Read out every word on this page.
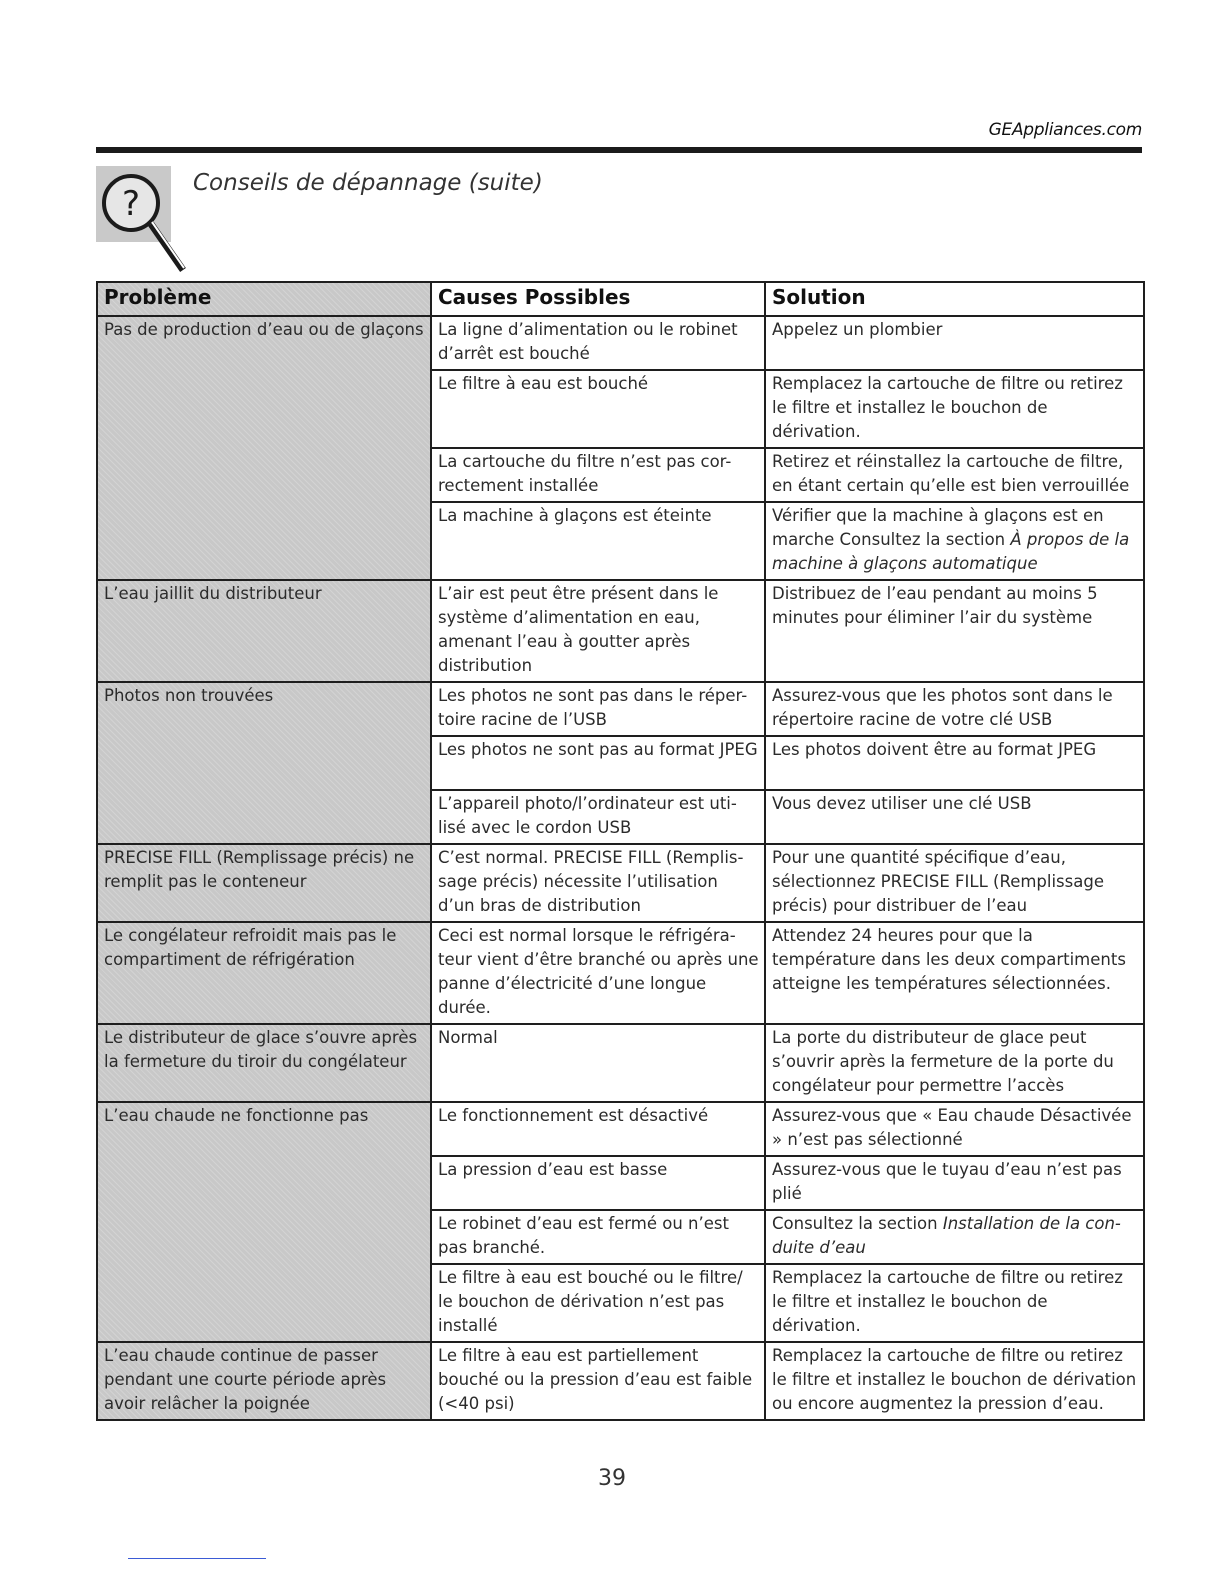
GEAppliances.com
?
Conseils de dépannage (suite)
Problème	Causes Possibles	Solution
Pas de production d’eau ou de glaçons	La ligne d’alimentation ou le robinet d’arrêt est bouché	Appelez un plombier
	Le filtre à eau est bouché	Remplacez la cartouche de filtre ou retirez le filtre et installez le bouchon de dérivation.
	La cartouche du filtre n’est pas cor-rectement installée	Retirez et réinstallez la cartouche de filtre, en étant certain qu’elle est bien verrouillée
	La machine à glaçons est éteinte	Vérifier que la machine à glaçons est en marche Consultez la section À propos de la machine à glaçons automatique
L’eau jaillit du distributeur	L’air est peut être présent dans le système d’alimentation en eau, amenant l’eau à goutter après distribution	Distribuez de l’eau pendant au moins 5 minutes pour éliminer l’air du système
Photos non trouvées	Les photos ne sont pas dans le réper-toire racine de l’USB	Assurez-vous que les photos sont dans le répertoire racine de votre clé USB
	Les photos ne sont pas au format JPEG	Les photos doivent être au format JPEG
	L’appareil photo/l’ordinateur est uti-lisé avec le cordon USB	Vous devez utiliser une clé USB
PRECISE FILL (Remplissage précis) ne remplit pas le conteneur	C’est normal. PRECISE FILL (Remplis-sage précis) nécessite l’utilisation d’un bras de distribution	Pour une quantité spécifique d’eau, sélectionnez PRECISE FILL (Remplissage précis) pour distribuer de l’eau
Le congélateur refroidit mais pas le compartiment de réfrigération	Ceci est normal lorsque le réfrigéra-teur vient d’être branché ou après une panne d’électricité d’une longue durée.	Attendez 24 heures pour que la température dans les deux compartiments atteigne les températures sélectionnées.
Le distributeur de glace s’ouvre après la fermeture du tiroir du congélateur	Normal	La porte du distributeur de glace peut s’ouvrir après la fermeture de la porte du congélateur pour permettre l’accès
L’eau chaude ne fonctionne pas	Le fonctionnement est désactivé	Assurez-vous que « Eau chaude Désactivée » n’est pas sélectionné
	La pression d’eau est basse	Assurez-vous que le tuyau d’eau n’est pas plié
	Le robinet d’eau est fermé ou n’est pas branché.	Consultez la section Installation de la con-duite d’eau
	Le filtre à eau est bouché ou le filtre/ le bouchon de dérivation n’est pas installé	Remplacez la cartouche de filtre ou retirez le filtre et installez le bouchon de dérivation.
L’eau chaude continue de passer pendant une courte période après avoir relâcher la poignée	Le filtre à eau est partiellement bouché ou la pression d’eau est faible (<40 psi)	Remplacez la cartouche de filtre ou retirez le filtre et installez le bouchon de dérivation ou encore augmentez la pression d’eau.
39
